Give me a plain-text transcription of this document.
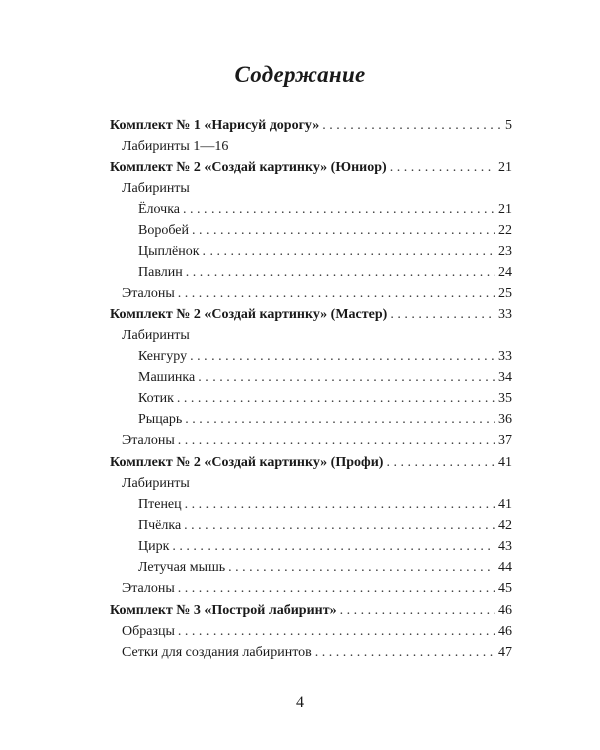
Содержание
Комплект № 1 «Нарисуй дорогу» . . .	5
Лабиринты 1—16
Комплект № 2 «Создай картинку» (Юниор) . . .	21
Лабиринты
Ёлочка . . .	21
Воробей . . .	22
Цыплёнок . . .	23
Павлин . . .	24
Эталоны . . .	25
Комплект № 2 «Создай картинку» (Мастер) . . .	33
Лабиринты
Кенгуру . . .	33
Машинка . . .	34
Котик . . .	35
Рыцарь . . .	36
Эталоны . . .	37
Комплект № 2 «Создай картинку» (Профи) . . .	41
Лабиринты
Птенец . . .	41
Пчёлка . . .	42
Цирк . . .	43
Летучая мышь . . .	44
Эталоны . . .	45
Комплект № 3 «Построй лабиринт» . . .	46
Образцы . . .	46
Сетки для создания лабиринтов . . .	47
4
